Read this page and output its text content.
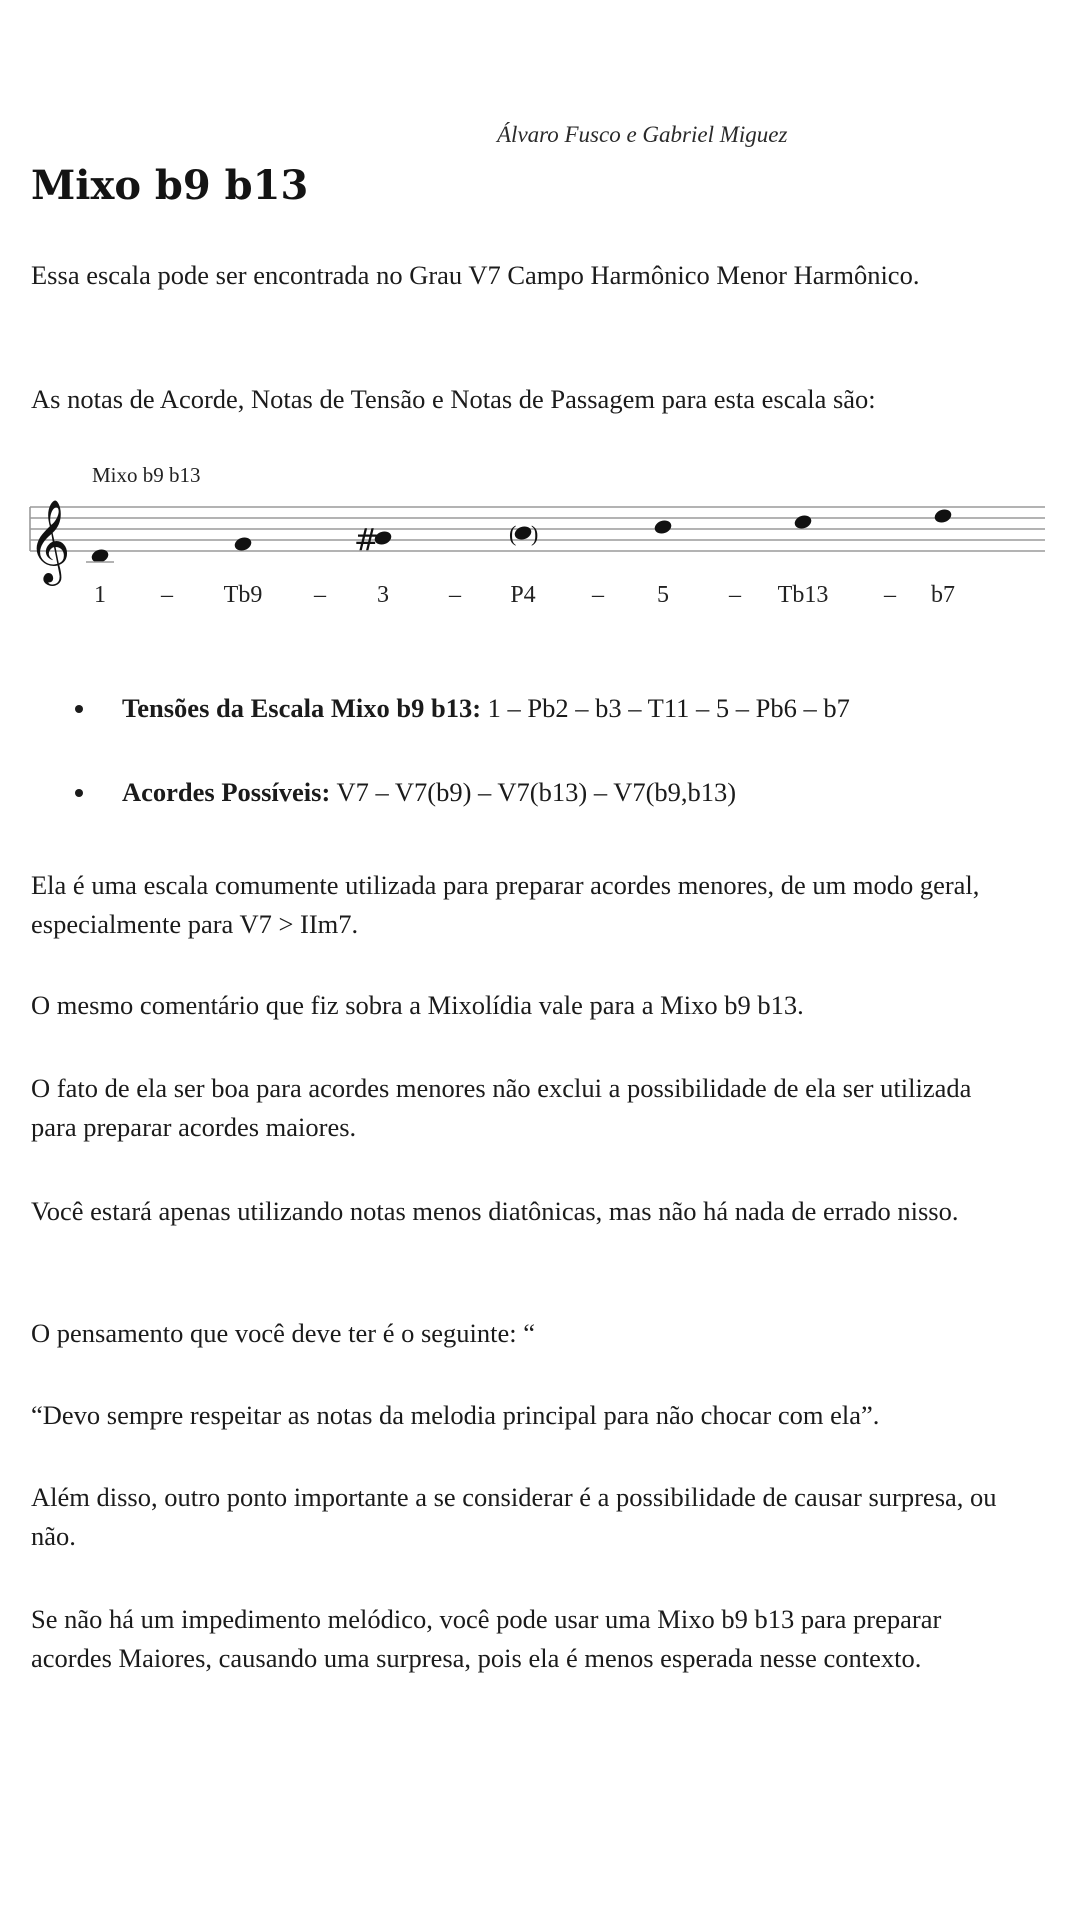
Álvaro Fusco e Gabriel Miguez
Mixo b9 b13

Essa escala pode ser encontrada no Grau V7 Campo Harmônico Menor Harmônico.

As notas de Acorde, Notas de Tensão e Notas de Passagem para esta escala são:

Mixo b9 b13
𝄞	#	( )
1	Tb9	3	P4	5	Tb13	b7
–	–	–	–	–	–
Tensões da Escala Mixo b9 b13: 1 – Pb2 – b3 – T11 – 5 – Pb6 – b7
Acordes Possíveis: V7 – V7(b9) – V7(b13) – V7(b9,b13)

Ela é uma escala comumente utilizada para preparar acordes menores, de um modo geral, especialmente para V7 > IIm7.

O mesmo comentário que fiz sobra a Mixolídia vale para a Mixo b9 b13.

O fato de ela ser boa para acordes menores não exclui a possibilidade de ela ser utilizada para preparar acordes maiores.

Você estará apenas utilizando notas menos diatônicas, mas não há nada de errado nisso.

O pensamento que você deve ter é o seguinte: “

“Devo sempre respeitar as notas da melodia principal para não chocar com ela”.

Além disso, outro ponto importante a se considerar é a possibilidade de causar surpresa, ou não.

Se não há um impedimento melódico, você pode usar uma Mixo b9 b13 para preparar acordes Maiores, causando uma surpresa, pois ela é menos esperada nesse contexto.
